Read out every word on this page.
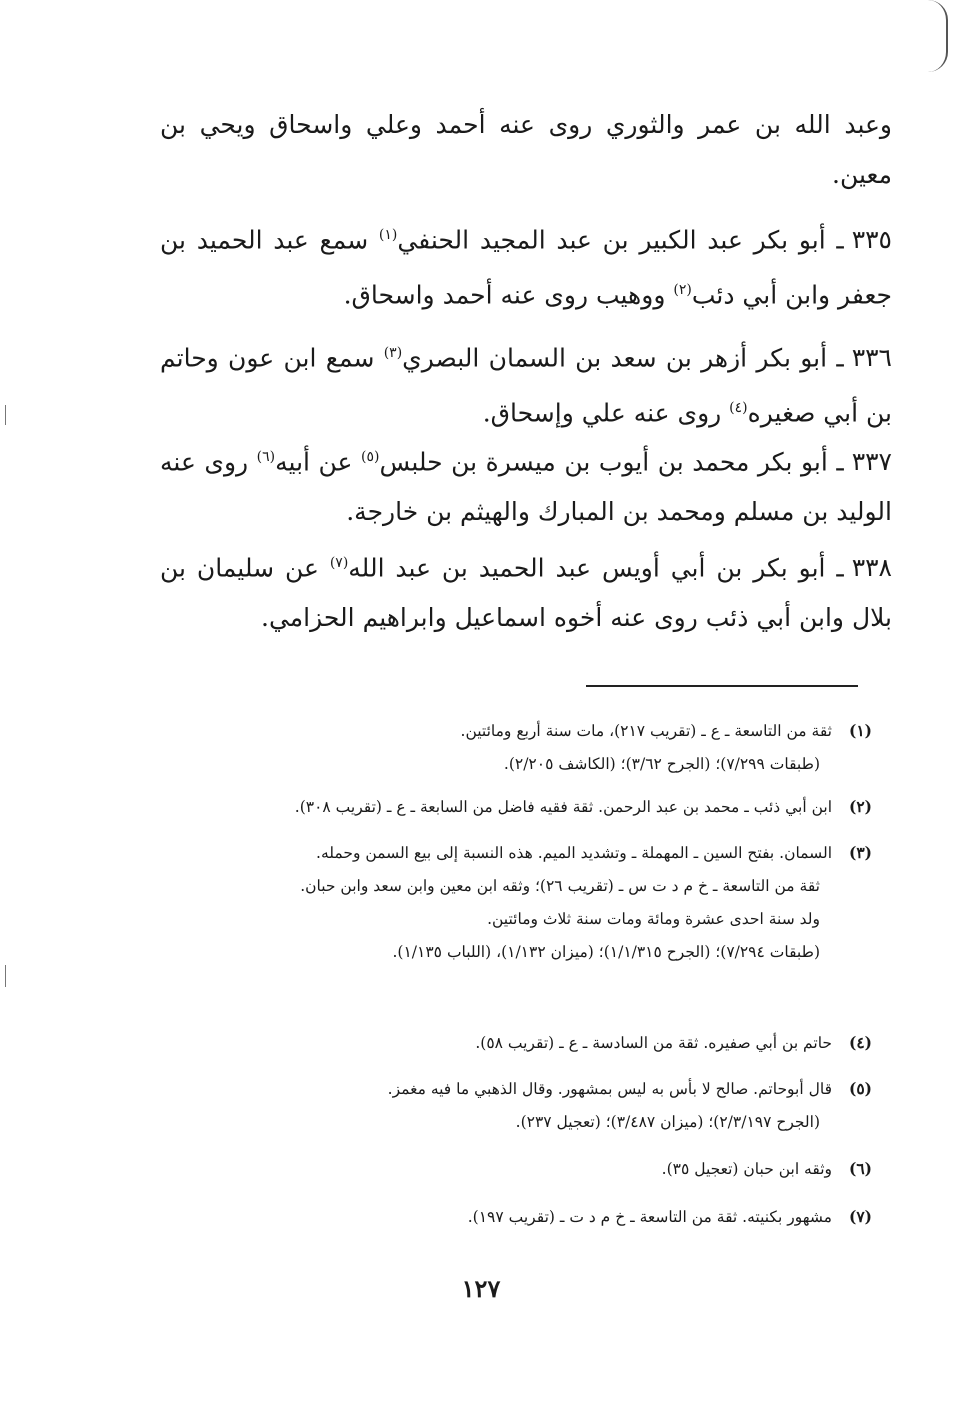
وعبد الله بن عمر والثوري روى عنه أحمد وعلي واسحاق ويحي بن معين.
٣٣٥ـ أبو بكر عبد الكبير بن عبد المجيد الحنفي$^{(١)}$ سمع عبد الحميد بن جعفر وابن أبي دئب$^{(٢)}$ ووهيب روى عنه أحمد واسحاق.
٣٣٦ـ أبو بكر أزهر بن سعد بن السمان البصري$^{(٣)}$ سمع ابن عون وحاتم بن أبي صغيره$^{(٤)}$ روى عنه علي وإسحاق.
٣٣٧ـ أبو بكر محمد بن أيوب بن ميسرة بن حلبس$^{(٥)}$ عن أبيه$^{(٦)}$ روى عنه الوليد بن مسلم ومحمد بن المبارك والهيثم بن خارجة.
٣٣٨ـ أبو بكر بن أبي أويس عبد الحميد بن عبد الله$^{(٧)}$ عن سليمان بن بلال وابن أبي ذئب روى عنه أخوه اسماعيل وابراهيم الحزامي.
(١)ثقة من التاسعة ـ ع ـ (تقريب ٢١٧)، مات سنة أربع ومائتين.
(طبقات ٧/٢٩٩)؛ (الجرح ٣/٦٢)؛ (الكاشف ٢/٢٠٥).
(٢)ابن أبي ذئب ـ محمد بن عبد الرحمن. ثقة فقيه فاضل من السابعة ـ ع ـ (تقريب ٣٠٨).
(٣)السمان. بفتح السين ـ المهملة ـ وتشديد الميم. هذه النسبة إلى بيع السمن وحمله.
ثقة من التاسعة ـ خ م د ت س ـ (تقريب ٢٦)؛ وثقه ابن معين وابن سعد وابن حبان.
ولد سنة احدى عشرة ومائة ومات سنة ثلاث ومائتين.
(طبقات ٧/٢٩٤)؛ (الجرح ١/١/٣١٥)؛ (ميزان ١/١٣٢)، (اللباب ١/١٣٥).
(٤)حاتم بن أبي صفيره. ثقة من السادسة ـ ع ـ (تقريب ٥٨).
(٥)قال أبوحاتم. صالح لا بأس به ليس بمشهور. وقال الذهبي ما فيه مغمز.
(الجرح ٢/٣/١٩٧)؛ (ميزان ٣/٤٨٧)؛ (تعجيل ٢٣٧).
(٦)وثقه ابن حبان (تعجيل ٣٥).
(٧)مشهور بكنيته. ثقة من التاسعة ـ خ م د ت ـ (تقريب ١٩٧).
١٢٧
